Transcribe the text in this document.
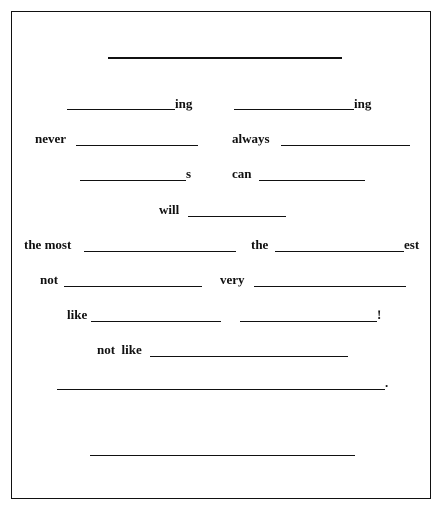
ing	ing
never	always
s	can
will
the most	the	est
not	very
like	!
not  like
.
